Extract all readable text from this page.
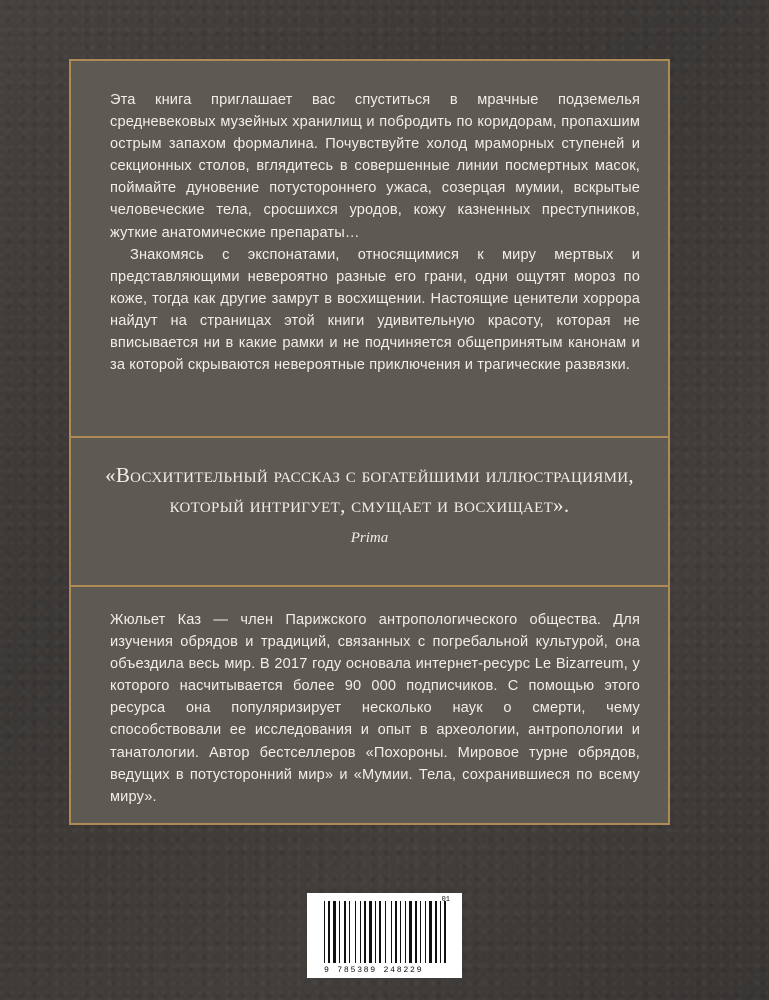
Эта книга приглашает вас спуститься в мрачные подземелья средневековых музейных хранилищ и побродить по коридорам, пропахшим острым запахом формалина. Почувствуйте холод мраморных ступеней и секционных столов, вглядитесь в совершенные линии посмертных масок, поймайте дуновение потустороннего ужаса, созерцая мумии, вскрытые человеческие тела, сросшихся уродов, кожу казненных преступников, жуткие анатомические препараты…

Знакомясь с экспонатами, относящимися к миру мертвых и представляющими невероятно разные его грани, одни ощутят мороз по коже, тогда как другие замрут в восхищении. Настоящие ценители хоррора найдут на страницах этой книги удивительную красоту, которая не вписывается ни в какие рамки и не подчиняется общепринятым канонам и за которой скрываются невероятные приключения и трагические развязки.

«Восхитительный рассказ с богатейшими иллюстрациями, который интригует, смущает и восхищает».

Prima

Жюльет Каз — член Парижского антропологического общества. Для изучения обрядов и традиций, связанных с погребальной культурой, она объездила весь мир. В 2017 году основала интернет-ресурс Le Bizarreum, у которого насчитывается более 90 000 подписчиков. С помощью этого ресурса она популяризирует несколько наук о смерти, чему способствовали ее исследования и опыт в археологии, антропологии и танатологии. Автор бестселлеров «Похороны. Мировое турне обрядов, ведущих в потусторонний мир» и «Мумии. Тела, сохранившиеся по всему миру».

01
9 785389 248229
